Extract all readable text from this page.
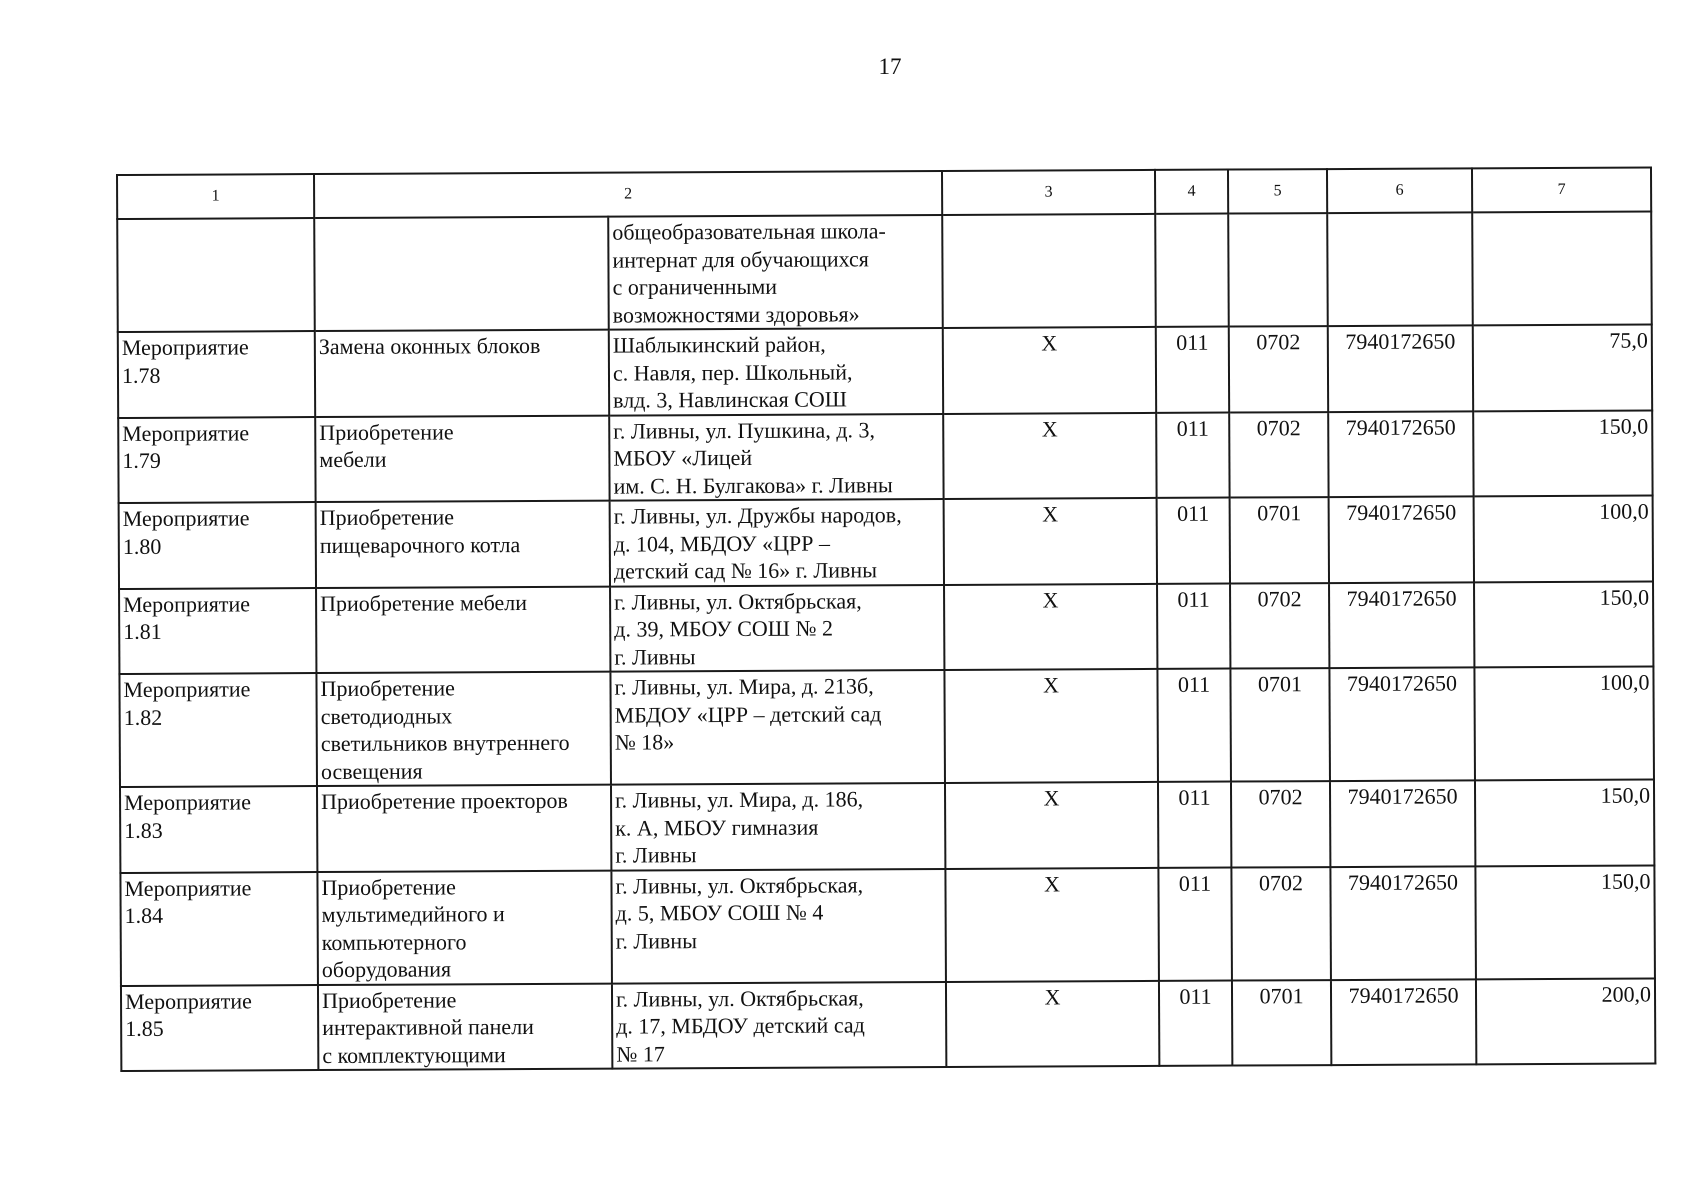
17
1	2		3	4	5	6	7

		общеобразовательная школа-
интернат для обучающихся
с ограниченными
возможностями здоровья»					

Мероприятие
1.78	Замена оконных блоков	Шаблыкинский район,
с. Навля, пер. Школьный,
влд. 3, Навлинская СОШ	Х	011	0702	7940172650	75,0

Мероприятие
1.79	Приобретение
мебели	г. Ливны, ул. Пушкина, д. 3,
МБОУ «Лицей
им. С. Н. Булгакова» г. Ливны	Х	011	0702	7940172650	150,0

Мероприятие
1.80	Приобретение
пищеварочного котла	г. Ливны, ул. Дружбы народов,
д. 104, МБДОУ «ЦРР –
детский сад № 16» г. Ливны	Х	011	0701	7940172650	100,0

Мероприятие
1.81	Приобретение мебели	г. Ливны, ул. Октябрьская,
д. 39, МБОУ СОШ № 2
г. Ливны	Х	011	0702	7940172650	150,0

Мероприятие
1.82	Приобретение
светодиодных
светильников внутреннего
освещения	г. Ливны, ул. Мира, д. 213б,
МБДОУ «ЦРР – детский сад
№ 18»	Х	011	0701	7940172650	100,0

Мероприятие
1.83	Приобретение проекторов	г. Ливны, ул. Мира, д. 186,
к. А, МБОУ гимназия
г. Ливны	Х	011	0702	7940172650	150,0

Мероприятие
1.84	Приобретение
мультимедийного и
компьютерного
оборудования	г. Ливны, ул. Октябрьская,
д. 5, МБОУ СОШ № 4
г. Ливны	Х	011	0702	7940172650	150,0

Мероприятие
1.85	Приобретение
интерактивной панели
с комплектующими	г. Ливны, ул. Октябрьская,
д. 17, МБДОУ детский сад
№ 17	Х	011	0701	7940172650	200,0
